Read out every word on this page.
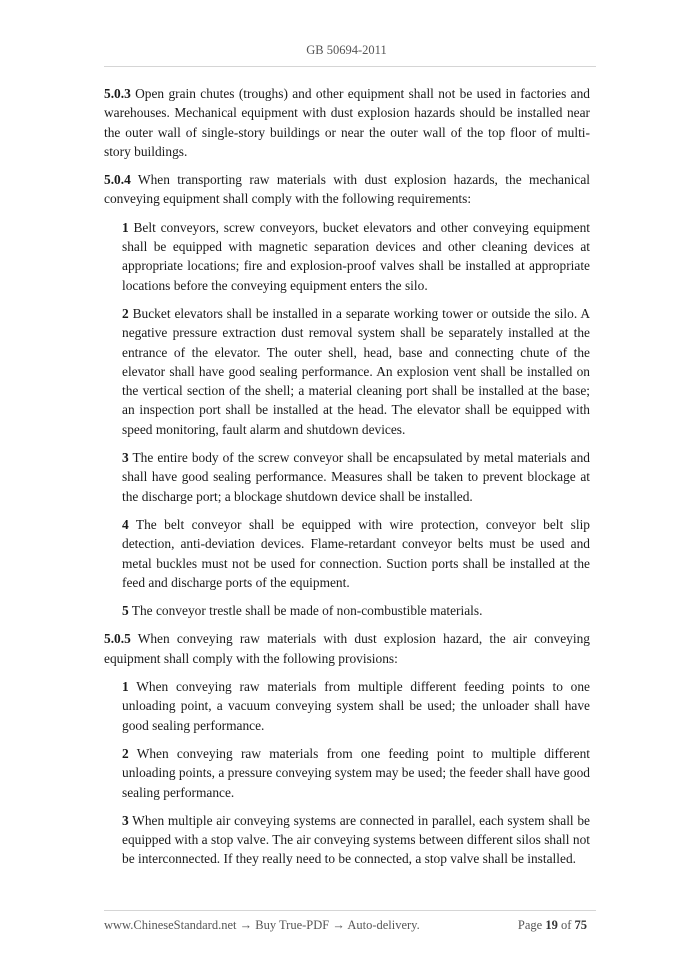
GB 50694-2011

5.0.3 Open grain chutes (troughs) and other equipment shall not be used in factories and warehouses. Mechanical equipment with dust explosion hazards should be installed near the outer wall of single-story buildings or near the outer wall of the top floor of multi-story buildings.

5.0.4 When transporting raw materials with dust explosion hazards, the mechanical conveying equipment shall comply with the following requirements:

1 Belt conveyors, screw conveyors, bucket elevators and other conveying equipment shall be equipped with magnetic separation devices and other cleaning devices at appropriate locations; fire and explosion-proof valves shall be installed at appropriate locations before the conveying equipment enters the silo.

2 Bucket elevators shall be installed in a separate working tower or outside the silo. A negative pressure extraction dust removal system shall be separately installed at the entrance of the elevator. The outer shell, head, base and connecting chute of the elevator shall have good sealing performance. An explosion vent shall be installed on the vertical section of the shell; a material cleaning port shall be installed at the base; an inspection port shall be installed at the head. The elevator shall be equipped with speed monitoring, fault alarm and shutdown devices.

3 The entire body of the screw conveyor shall be encapsulated by metal materials and shall have good sealing performance. Measures shall be taken to prevent blockage at the discharge port; a blockage shutdown device shall be installed.

4 The belt conveyor shall be equipped with wire protection, conveyor belt slip detection, anti-deviation devices. Flame-retardant conveyor belts must be used and metal buckles must not be used for connection. Suction ports shall be installed at the feed and discharge ports of the equipment.

5 The conveyor trestle shall be made of non-combustible materials.

5.0.5 When conveying raw materials with dust explosion hazard, the air conveying equipment shall comply with the following provisions:

1 When conveying raw materials from multiple different feeding points to one unloading point, a vacuum conveying system shall be used; the unloader shall have good sealing performance.

2 When conveying raw materials from one feeding point to multiple different unloading points, a pressure conveying system may be used; the feeder shall have good sealing performance.

3 When multiple air conveying systems are connected in parallel, each system shall be equipped with a stop valve. The air conveying systems between different silos shall not be interconnected. If they really need to be connected, a stop valve shall be installed.

www.ChineseStandard.net → Buy True-PDF → Auto-delivery.	Page 19 of 75
